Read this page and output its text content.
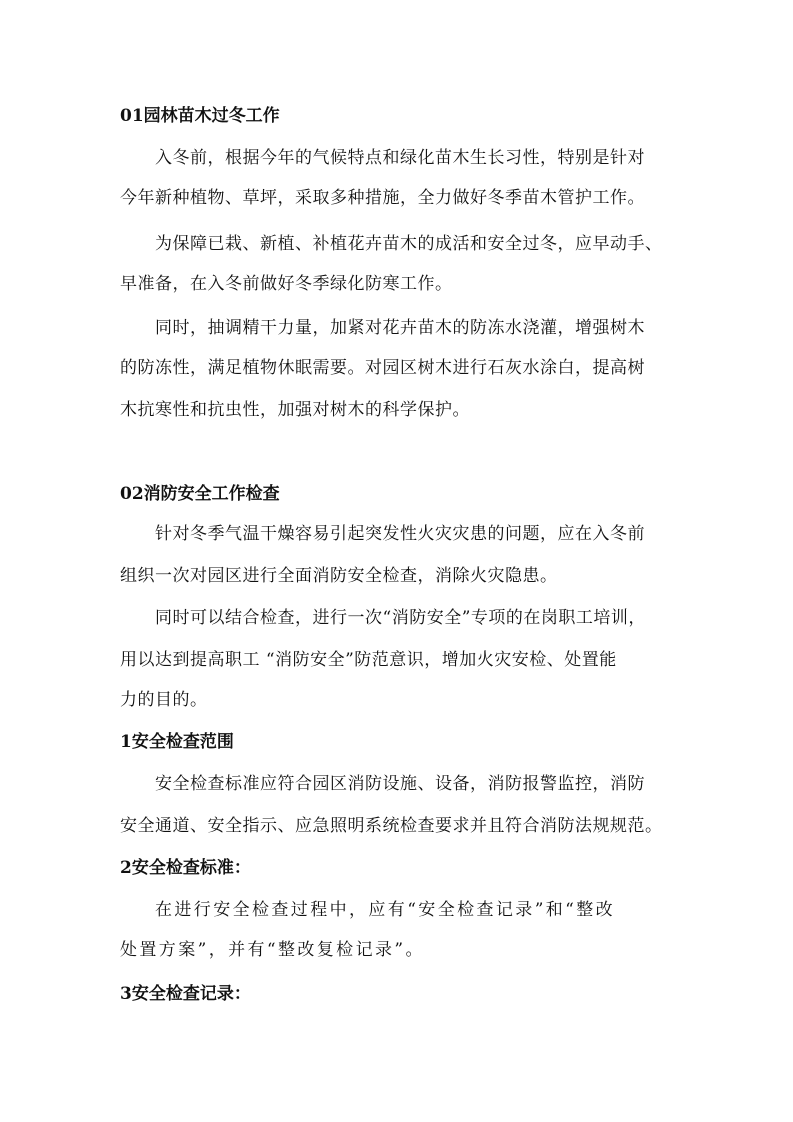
01园林苗木过冬工作
入冬前，根据今年的气候特点和绿化苗木生长习性，特别是针对
今年新种植物、草坪，采取多种措施，全力做好冬季苗木管护工作。
为保障已栽、新植、补植花卉苗木的成活和安全过冬，应早动手、
早准备，在入冬前做好冬季绿化防寒工作。
同时，抽调精干力量，加紧对花卉苗木的防冻水浇灌，增强树木
的防冻性，满足植物休眠需要。对园区树木进行石灰水涂白，提高树
木抗寒性和抗虫性，加强对树木的科学保护。
02消防安全工作检查
针对冬季气温干燥容易引起突发性火灾灾患的问题，应在入冬前
组织一次对园区进行全面消防安全检查，消除火灾隐患。
同时可以结合检查，进行一次“消防安全”专项的在岗职工培训，
用以达到提高职工 “消防安全”防范意识，增加火灾安检、处置能
力的目的。
1安全检查范围
安全检查标准应符合园区消防设施、设备，消防报警监控，消防
安全通道、安全指示、应急照明系统检查要求并且符合消防法规规范。
2安全检查标准：
在进行安全检查过程中，应有“安全检查记录”和“整改
处置方案”，并有“整改复检记录”。
3安全检查记录：
